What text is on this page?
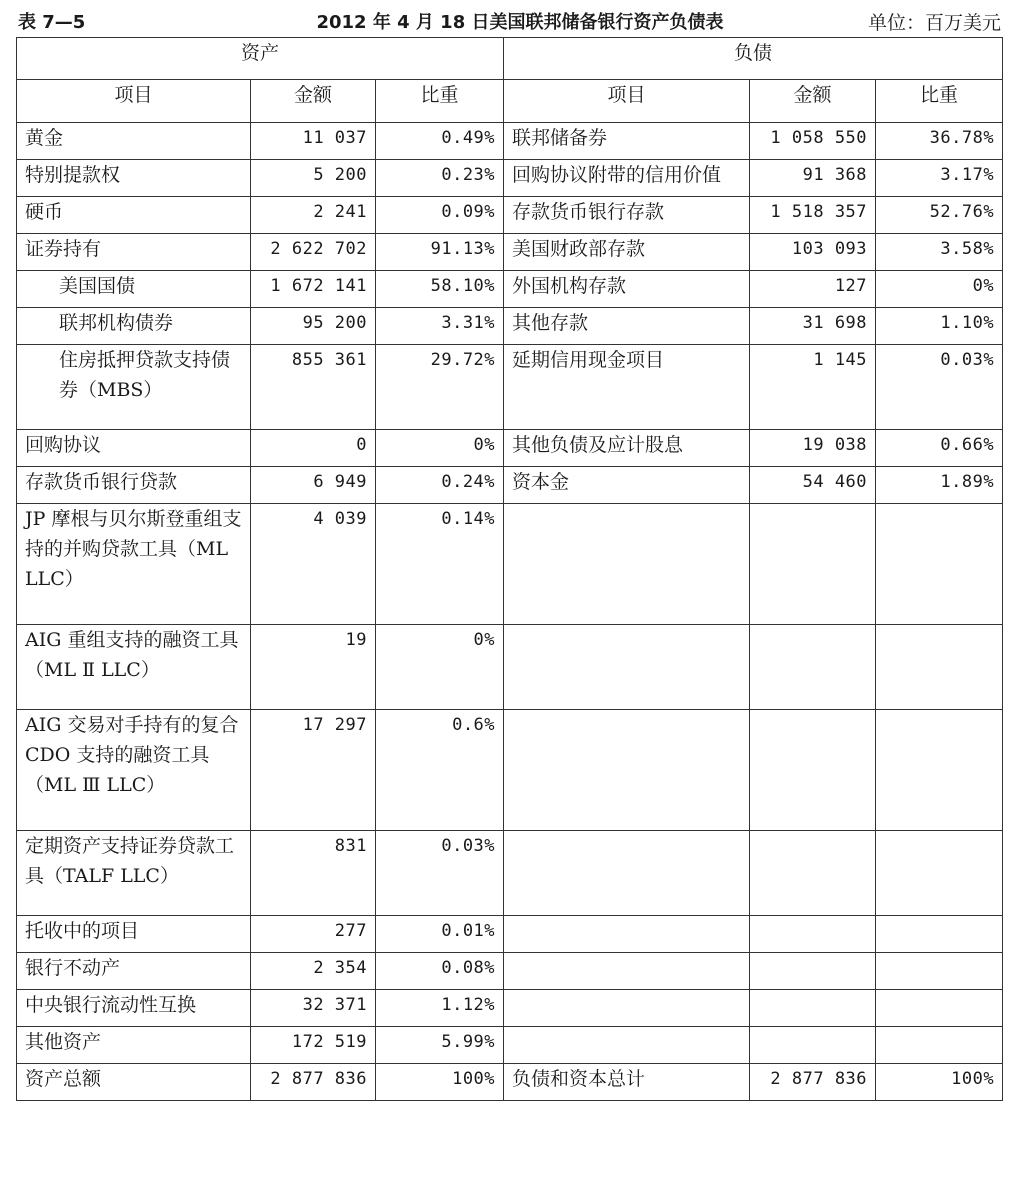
表 7—5	2012 年 4 月 18 日美国联邦储备银行资产负债表	单位：百万美元
资产			负债		
项目	金额	比重	项目	金额	比重
黄金	11 037	0.49%	联邦储备券	1 058 550	36.78%
特别提款权	5 200	0.23%	回购协议附带的信用价值	91 368	3.17%
硬币	2 241	0.09%	存款货币银行存款	1 518 357	52.76%
证券持有	2 622 702	91.13%	美国财政部存款	103 093	3.58%
美国国债	1 672 141	58.10%	外国机构存款	127	0%
联邦机构债券	95 200	3.31%	其他存款	31 698	1.10%
住房抵押贷款支持债券（MBS）	855 361	29.72%	延期信用现金项目	1 145	0.03%
回购协议	0	0%	其他负债及应计股息	19 038	0.66%
存款货币银行贷款	6 949	0.24%	资本金	54 460	1.89%
JP 摩根与贝尔斯登重组支持的并购贷款工具（ML LLC）	4 039	0.14%			
AIG 重组支持的融资工具（ML Ⅱ LLC）	19	0%			
AIG 交易对手持有的复合 CDO 支持的融资工具（ML Ⅲ LLC）	17 297	0.6%			
定期资产支持证券贷款工具（TALF LLC）	831	0.03%			
托收中的项目	277	0.01%			
银行不动产	2 354	0.08%			
中央银行流动性互换	32 371	1.12%			
其他资产	172 519	5.99%			
资产总额	2 877 836	100%	负债和资本总计	2 877 836	100%
